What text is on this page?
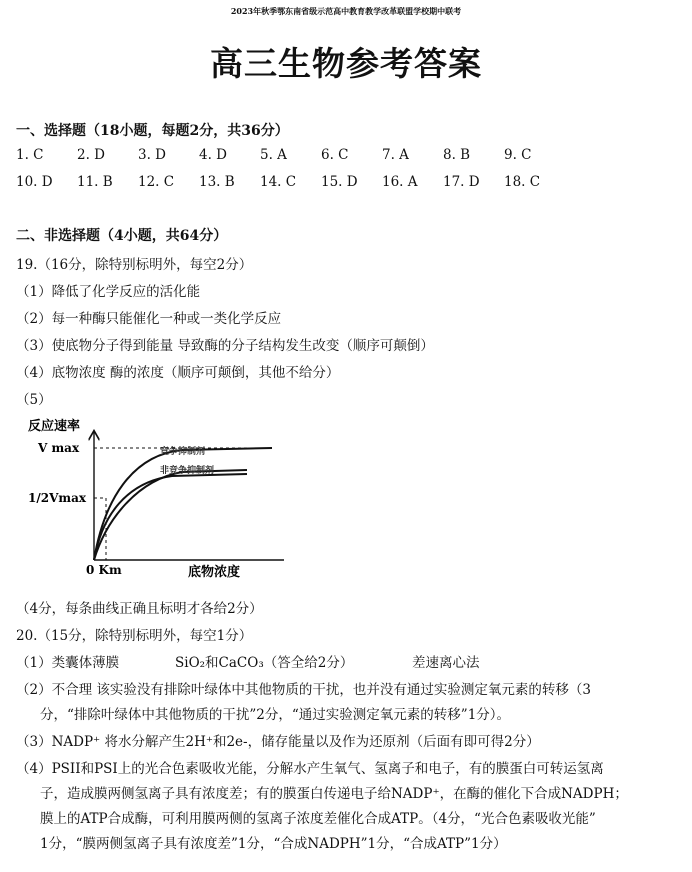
2023年秋季鄂东南省级示范高中教育教学改革联盟学校期中联考
高三生物参考答案
一、选择题（18小题，每题2分，共36分）
1. C	2. D	3. D	4. D	5. A	6. C	7. A	8. B	9. C
10. D	11. B	12. C	13. B	14. C	15. D	16. A	17. D	18. C
二、非选择题（4小题，共64分）
19.（16分，除特别标明外，每空2分）
（1）降低了化学反应的活化能
（2）每一种酶只能催化一种或一类化学反应
（3）使底物分子得到能量 导致酶的分子结构发生改变（顺序可颠倒）
（4）底物浓度 酶的浓度（顺序可颠倒，其他不给分）
（5）
反应速率
V max
1/2Vmax
竞争抑制剂
非竞争抑制剂
0 Km	底物浓度
（4分，每条曲线正确且标明才各给2分）
20.（15分，除特别标明外，每空1分）
（1）类囊体薄膜	SiO₂和CaCO₃（答全给2分）	差速离心法
（2）不合理 该实验没有排除叶绿体中其他物质的干扰，也并没有通过实验测定氧元素的转移（3
分，“排除叶绿体中其他物质的干扰”2分，“通过实验测定氧元素的转移”1分）。
（3）NADP⁺ 将水分解产生2H⁺和2e-，储存能量以及作为还原剂（后面有即可得2分）
（4）PSII和PSI上的光合色素吸收光能，分解水产生氧气、氢离子和电子，有的膜蛋白可转运氢离
子，造成膜两侧氢离子具有浓度差；有的膜蛋白传递电子给NADP⁺，在酶的催化下合成NADPH；
膜上的ATP合成酶，可利用膜两侧的氢离子浓度差催化合成ATP。（4分，“光合色素吸收光能”
1分，“膜两侧氢离子具有浓度差”1分，“合成NADPH”1分，“合成ATP”1分）
